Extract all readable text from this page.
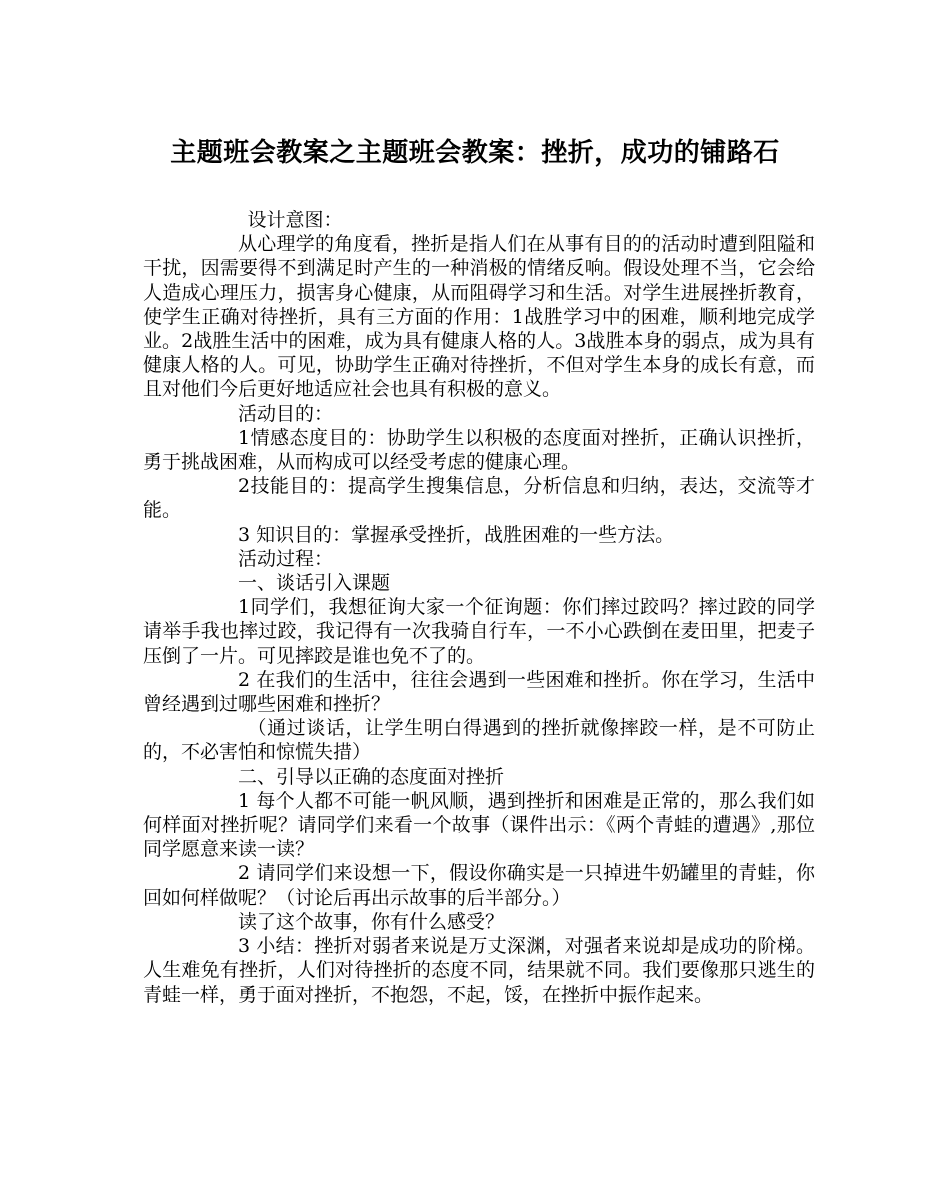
主题班会教案之主题班会教案：挫折，成功的铺路石

设计意图：

从心理学的角度看，挫折是指人们在从事有目的的活动时遭到阻隘和干扰，因需要得不到满足时产生的一种消极的情绪反响。假设处理不当，它会给人造成心理压力，损害身心健康，从而阻碍学习和生活。对学生进展挫折教育，使学生正确对待挫折，具有三方面的作用：1战胜学习中的困难，顺利地完成学业。2战胜生活中的困难，成为具有健康人格的人。3战胜本身的弱点，成为具有健康人格的人。可见，协助学生正确对待挫折，不但对学生本身的成长有意，而且对他们今后更好地适应社会也具有积极的意义。

活动目的：

1情感态度目的：协助学生以积极的态度面对挫折，正确认识挫折，勇于挑战困难，从而构成可以经受考虑的健康心理。

2技能目的：提高学生搜集信息，分析信息和归纳，表达，交流等才能。

3 知识目的：掌握承受挫折，战胜困难的一些方法。

活动过程：

一、谈话引入课题

1同学们，我想征询大家一个征询题：你们摔过跤吗？摔过跤的同学请举手我也摔过跤，我记得有一次我骑自行车，一不小心跌倒在麦田里，把麦子压倒了一片。可见摔跤是谁也免不了的。

2 在我们的生活中，往往会遇到一些困难和挫折。你在学习，生活中曾经遇到过哪些困难和挫折？

（通过谈话，让学生明白得遇到的挫折就像摔跤一样，是不可防止的，不必害怕和惊慌失措）

二、引导以正确的态度面对挫折

1 每个人都不可能一帆风顺，遇到挫折和困难是正常的，那么我们如何样面对挫折呢？请同学们来看一个故事（课件出示：《两个青蛙的遭遇》,那位同学愿意来读一读？

2 请同学们来设想一下，假设你确实是一只掉进牛奶罐里的青蛙，你回如何样做呢？（讨论后再出示故事的后半部分。）

读了这个故事，你有什么感受？

3 小结：挫折对弱者来说是万丈深渊，对强者来说却是成功的阶梯。人生难免有挫折，人们对待挫折的态度不同，结果就不同。我们要像那只逃生的青蛙一样，勇于面对挫折，不抱怨，不起，馁，在挫折中振作起来。
